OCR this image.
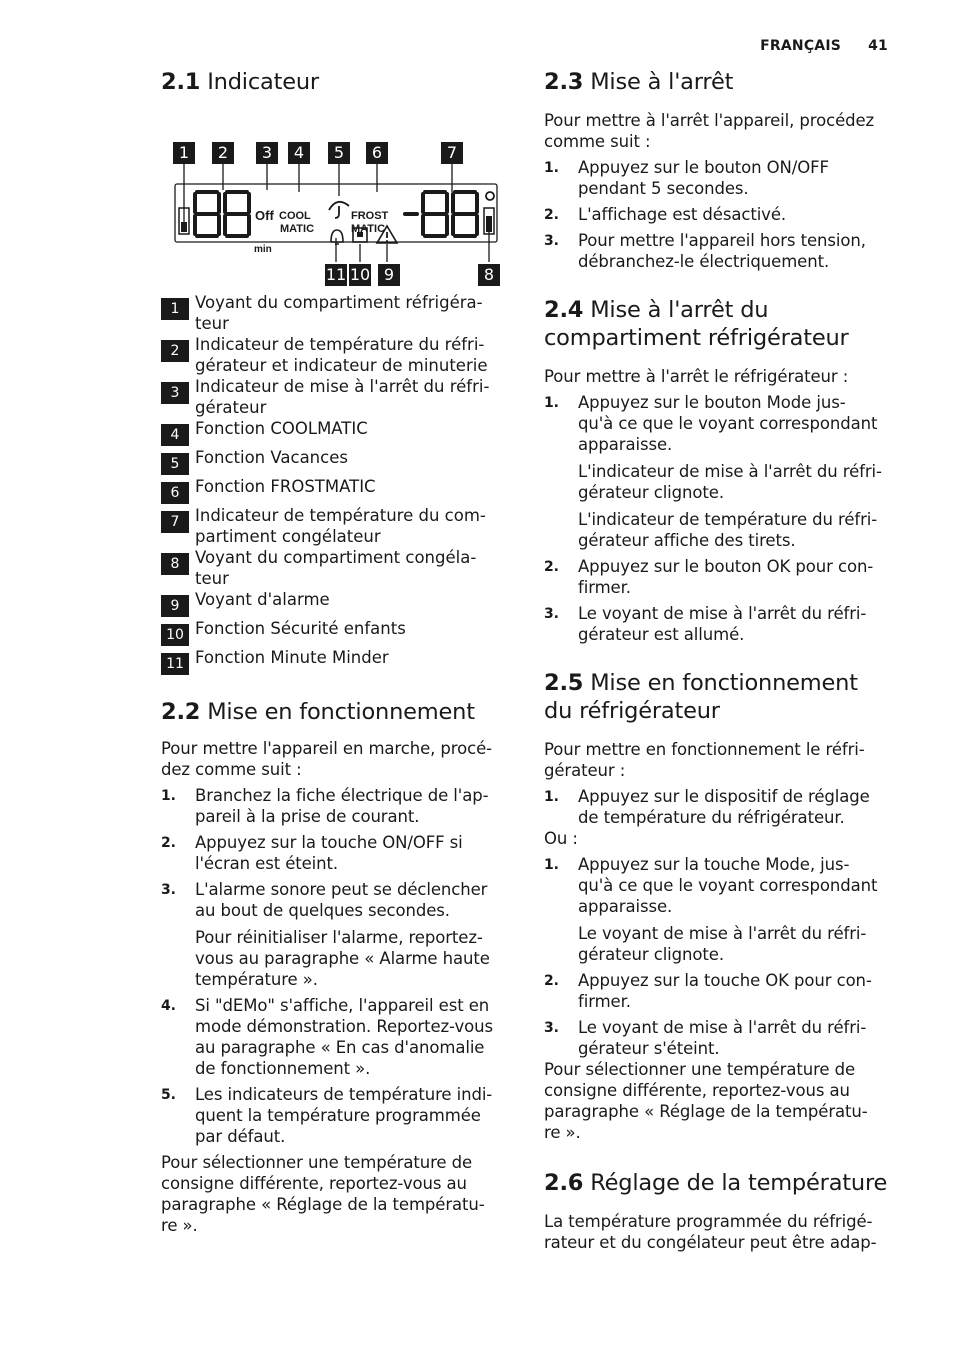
FRANÇAIS 41
2.1 Indicateur
Off COOL
MATIC
FROST
MATIC
min
1	2	3	4	5	6	7
11 10 9	8
1 Voyant du compartiment réfrigéra-
teur
2 Indicateur de température du réfri-
gérateur et indicateur de minuterie
3 Indicateur de mise à l'arrêt du réfri-
gérateur
4 Fonction COOLMATIC
5 Fonction Vacances
6 Fonction FROSTMATIC
7 Indicateur de température du com-
partiment congélateur
8 Voyant du compartiment congéla-
teur
9 Voyant d'alarme
10 Fonction Sécurité enfants
11 Fonction Minute Minder
2.2 Mise en fonctionnement

Pour mettre l'appareil en marche, procé-
dez comme suit :

1. Branchez la fiche électrique de l'ap-
pareil à la prise de courant.
2. Appuyez sur la touche ON/OFF si
l'écran est éteint.
3. L'alarme sonore peut se déclencher
au bout de quelques secondes.

Pour réinitialiser l'alarme, reportez-
vous au paragraphe « Alarme haute
température ».

4. Si "dEMo" s'affiche, l'appareil est en
mode démonstration. Reportez-vous
au paragraphe « En cas d'anomalie
de fonctionnement ».
5. Les indicateurs de température indi-
quent la température programmée
par défaut.

Pour sélectionner une température de
consigne différente, reportez-vous au
paragraphe « Réglage de la températu-
re ».

2.3 Mise à l'arrêt

Pour mettre à l'arrêt l'appareil, procédez
comme suit :

1. Appuyez sur le bouton ON/OFF
pendant 5 secondes.
2. L'affichage est désactivé.
3. Pour mettre l'appareil hors tension,
débranchez-le électriquement.
2.4 Mise à l'arrêt du
compartiment réfrigérateur

Pour mettre à l'arrêt le réfrigérateur :

1. Appuyez sur le bouton Mode jus-
qu'à ce que le voyant correspondant
apparaisse.

L'indicateur de mise à l'arrêt du réfri-
gérateur clignote.

L'indicateur de température du réfri-
gérateur affiche des tirets.

2. Appuyez sur le bouton OK pour con-
firmer.
3. Le voyant de mise à l'arrêt du réfri-
gérateur est allumé.
2.5 Mise en fonctionnement
du réfrigérateur

Pour mettre en fonctionnement le réfri-
gérateur :

1. Appuyez sur le dispositif de réglage
de température du réfrigérateur.

Ou :

1. Appuyez sur la touche Mode, jus-
qu'à ce que le voyant correspondant
apparaisse.

Le voyant de mise à l'arrêt du réfri-
gérateur clignote.

2. Appuyez sur la touche OK pour con-
firmer.
3. Le voyant de mise à l'arrêt du réfri-
gérateur s'éteint.

Pour sélectionner une température de
consigne différente, reportez-vous au
paragraphe « Réglage de la températu-
re ».

2.6 Réglage de la température

La température programmée du réfrigé-
rateur et du congélateur peut être adap-
